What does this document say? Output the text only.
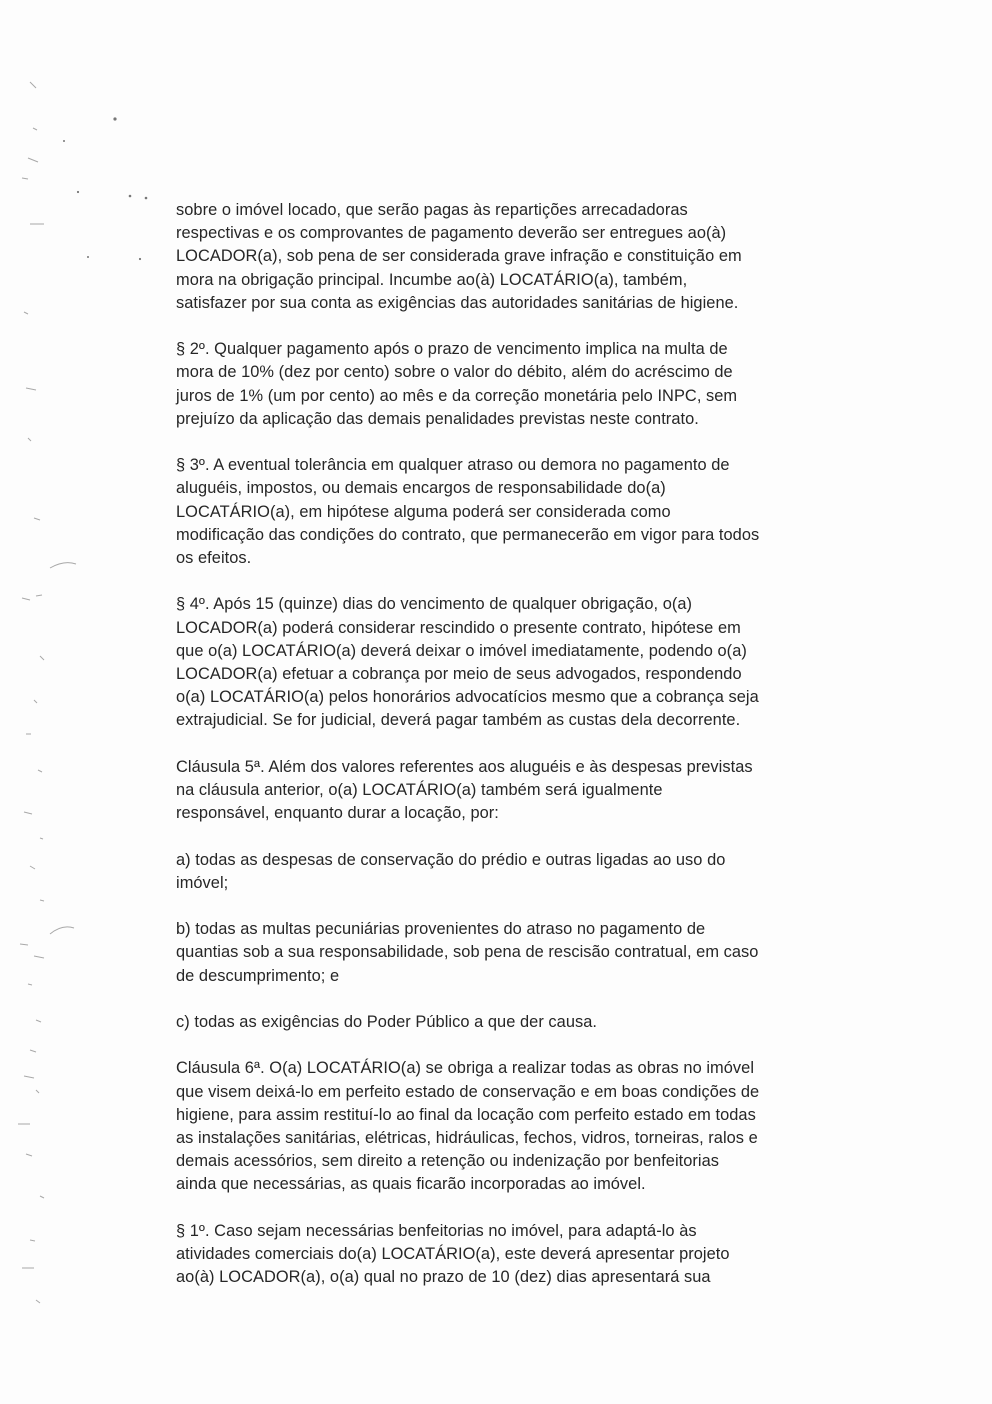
sobre o imóvel locado, que serão pagas às repartições arrecadadoras
respectivas e os comprovantes de pagamento deverão ser entregues ao(à)
LOCADOR(a), sob pena de ser considerada grave infração e constituição em
mora na obrigação principal. Incumbe ao(à) LOCATÁRIO(a), também,
satisfazer por sua conta as exigências das autoridades sanitárias de higiene.

§ 2º. Qualquer pagamento após o prazo de vencimento implica na multa de
mora de 10% (dez por cento) sobre o valor do débito, além do acréscimo de
juros de 1% (um por cento) ao mês e da correção monetária pelo INPC, sem
prejuízo da aplicação das demais penalidades previstas neste contrato.

§ 3º. A eventual tolerância em qualquer atraso ou demora no pagamento de
aluguéis, impostos, ou demais encargos de responsabilidade do(a)
LOCATÁRIO(a), em hipótese alguma poderá ser considerada como
modificação das condições do contrato, que permanecerão em vigor para todos
os efeitos.

§ 4º. Após 15 (quinze) dias do vencimento de qualquer obrigação, o(a)
LOCADOR(a) poderá considerar rescindido o presente contrato, hipótese em
que o(a) LOCATÁRIO(a) deverá deixar o imóvel imediatamente, podendo o(a)
LOCADOR(a) efetuar a cobrança por meio de seus advogados, respondendo
o(a) LOCATÁRIO(a) pelos honorários advocatícios mesmo que a cobrança seja
extrajudicial. Se for judicial, deverá pagar também as custas dela decorrente.

Cláusula 5ª. Além dos valores referentes aos aluguéis e às despesas previstas
na cláusula anterior, o(a) LOCATÁRIO(a) também será igualmente
responsável, enquanto durar a locação, por:

a) todas as despesas de conservação do prédio e outras ligadas ao uso do
imóvel;

b) todas as multas pecuniárias provenientes do atraso no pagamento de
quantias sob a sua responsabilidade, sob pena de rescisão contratual, em caso
de descumprimento; e

c) todas as exigências do Poder Público a que der causa.

Cláusula 6ª. O(a) LOCATÁRIO(a) se obriga a realizar todas as obras no imóvel
que visem deixá-lo em perfeito estado de conservação e em boas condições de
higiene, para assim restituí-lo ao final da locação com perfeito estado em todas
as instalações sanitárias, elétricas, hidráulicas, fechos, vidros, torneiras, ralos e
demais acessórios, sem direito a retenção ou indenização por benfeitorias
ainda que necessárias, as quais ficarão incorporadas ao imóvel.

§ 1º. Caso sejam necessárias benfeitorias no imóvel, para adaptá-lo às
atividades comerciais do(a) LOCATÁRIO(a), este deverá apresentar projeto
ao(à) LOCADOR(a), o(a) qual no prazo de 10 (dez) dias apresentará sua
